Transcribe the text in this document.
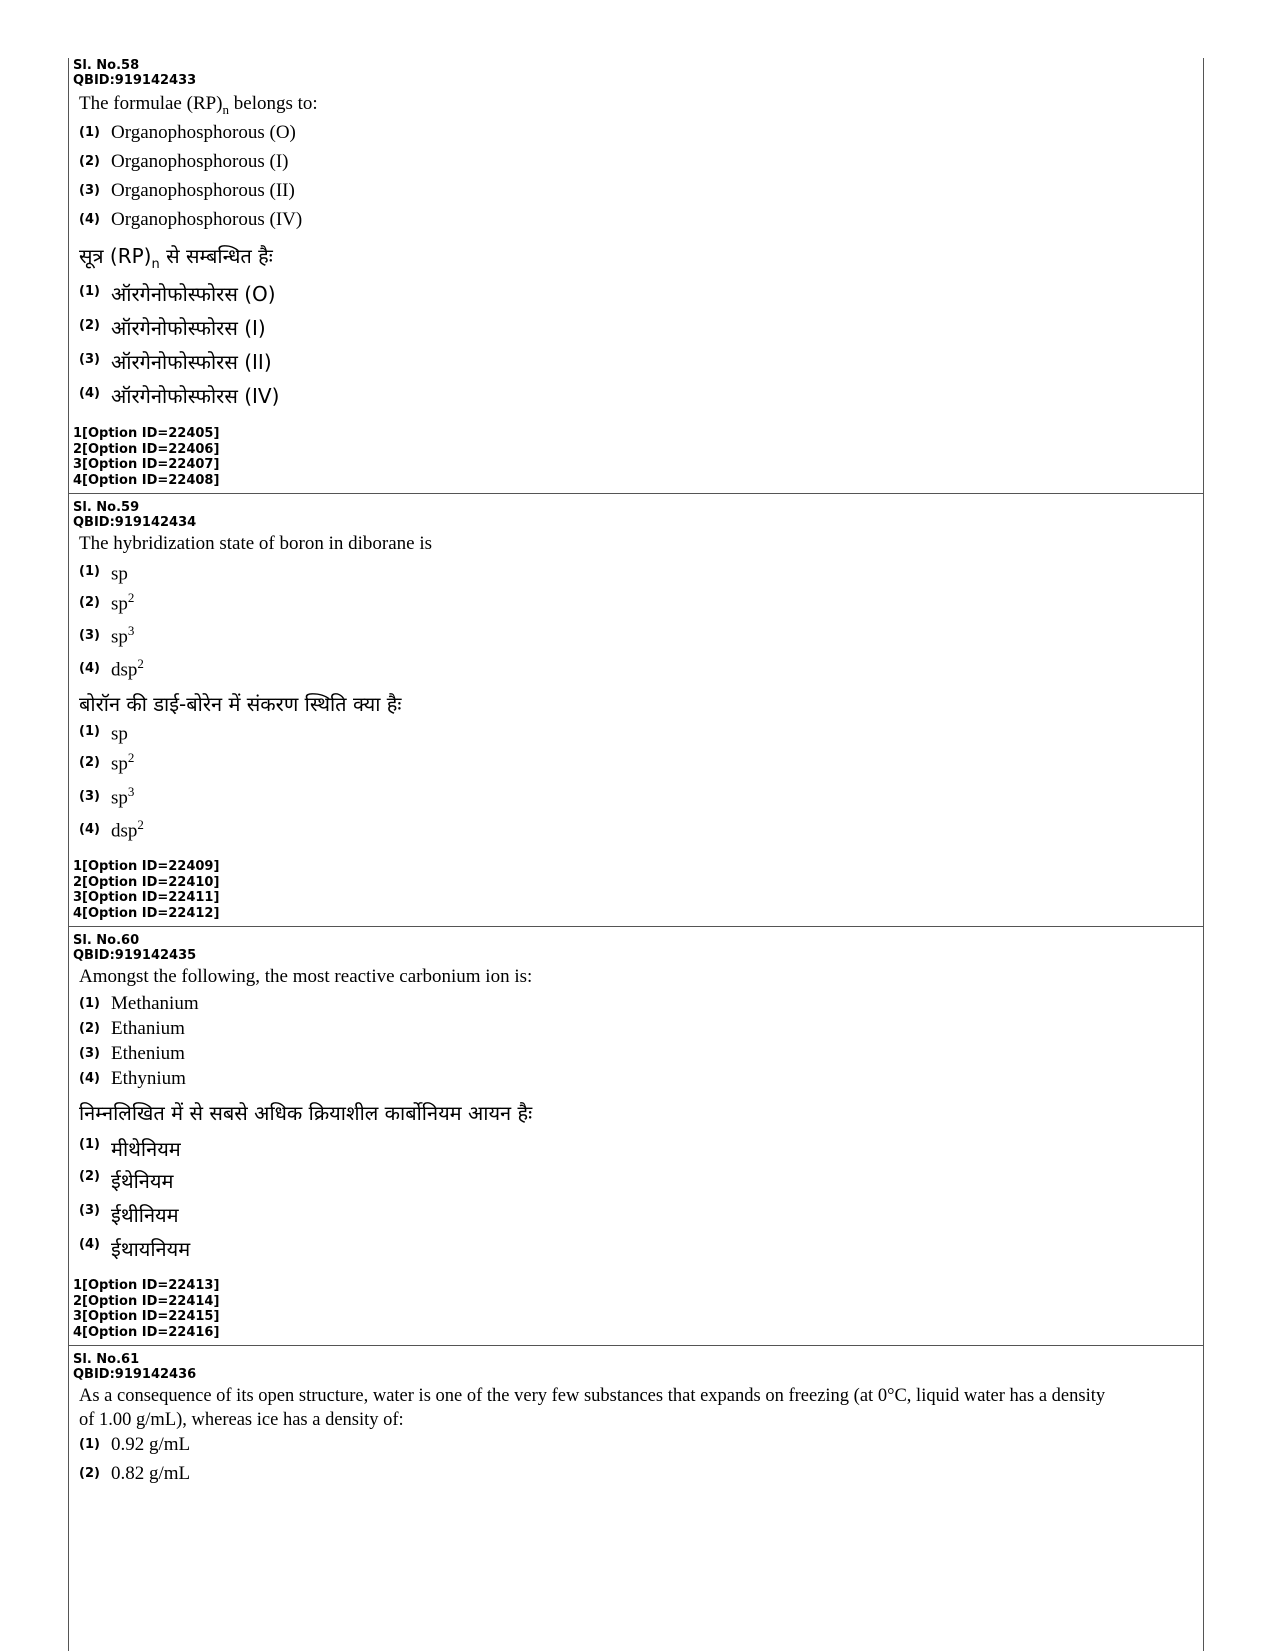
Sl. No.58
QBID:919142433
The formulae $(RP)_n$ belongs to:
(1) Organophosphorous (O)
(2) Organophosphorous (I)
(3) Organophosphorous (II)
(4) Organophosphorous (IV)
सूत्र $(RP)_n$ से सम्बन्धित हैः
(1) ऑरगेनोफोस्फोरस (O)
(2) ऑरगेनोफोस्फोरस (I)
(3) ऑरगेनोफोस्फोरस (II)
(4) ऑरगेनोफोस्फोरस (IV)
1[Option ID=22405]
2[Option ID=22406]
3[Option ID=22407]
4[Option ID=22408]
Sl. No.59
QBID:919142434
The hybridization state of boron in diborane is
(1) sp
(2) $sp^2$
(3) $sp^3$
(4) dsp$^2$
बोरॉन की डाई-बोरेन में संकरण स्थिति क्या हैः
(1) sp
(2) $sp^2$
(3) $sp^3$
(4) dsp$^2$
1[Option ID=22409]
2[Option ID=22410]
3[Option ID=22411]
4[Option ID=22412]
Sl. No.60
QBID:919142435
Amongst the following, the most reactive carbonium ion is:
(1) Methanium
(2) Ethanium
(3) Ethenium
(4) Ethynium
निम्नलिखित में से सबसे अधिक क्रियाशील कार्बोनियम आयन हैः
(1) मीथेनियम
(2) ईथेनियम
(3) ईथीनियम
(4) ईथायनियम
1[Option ID=22413]
2[Option ID=22414]
3[Option ID=22415]
4[Option ID=22416]
Sl. No.61
QBID:919142436
As a consequence of its open structure, water is one of the very few substances that expands on freezing (at 0°C, liquid water has a density
of 1.00 g/mL), whereas ice has a density of:
(1) 0.92 g/mL
(2) 0.82 g/mL
